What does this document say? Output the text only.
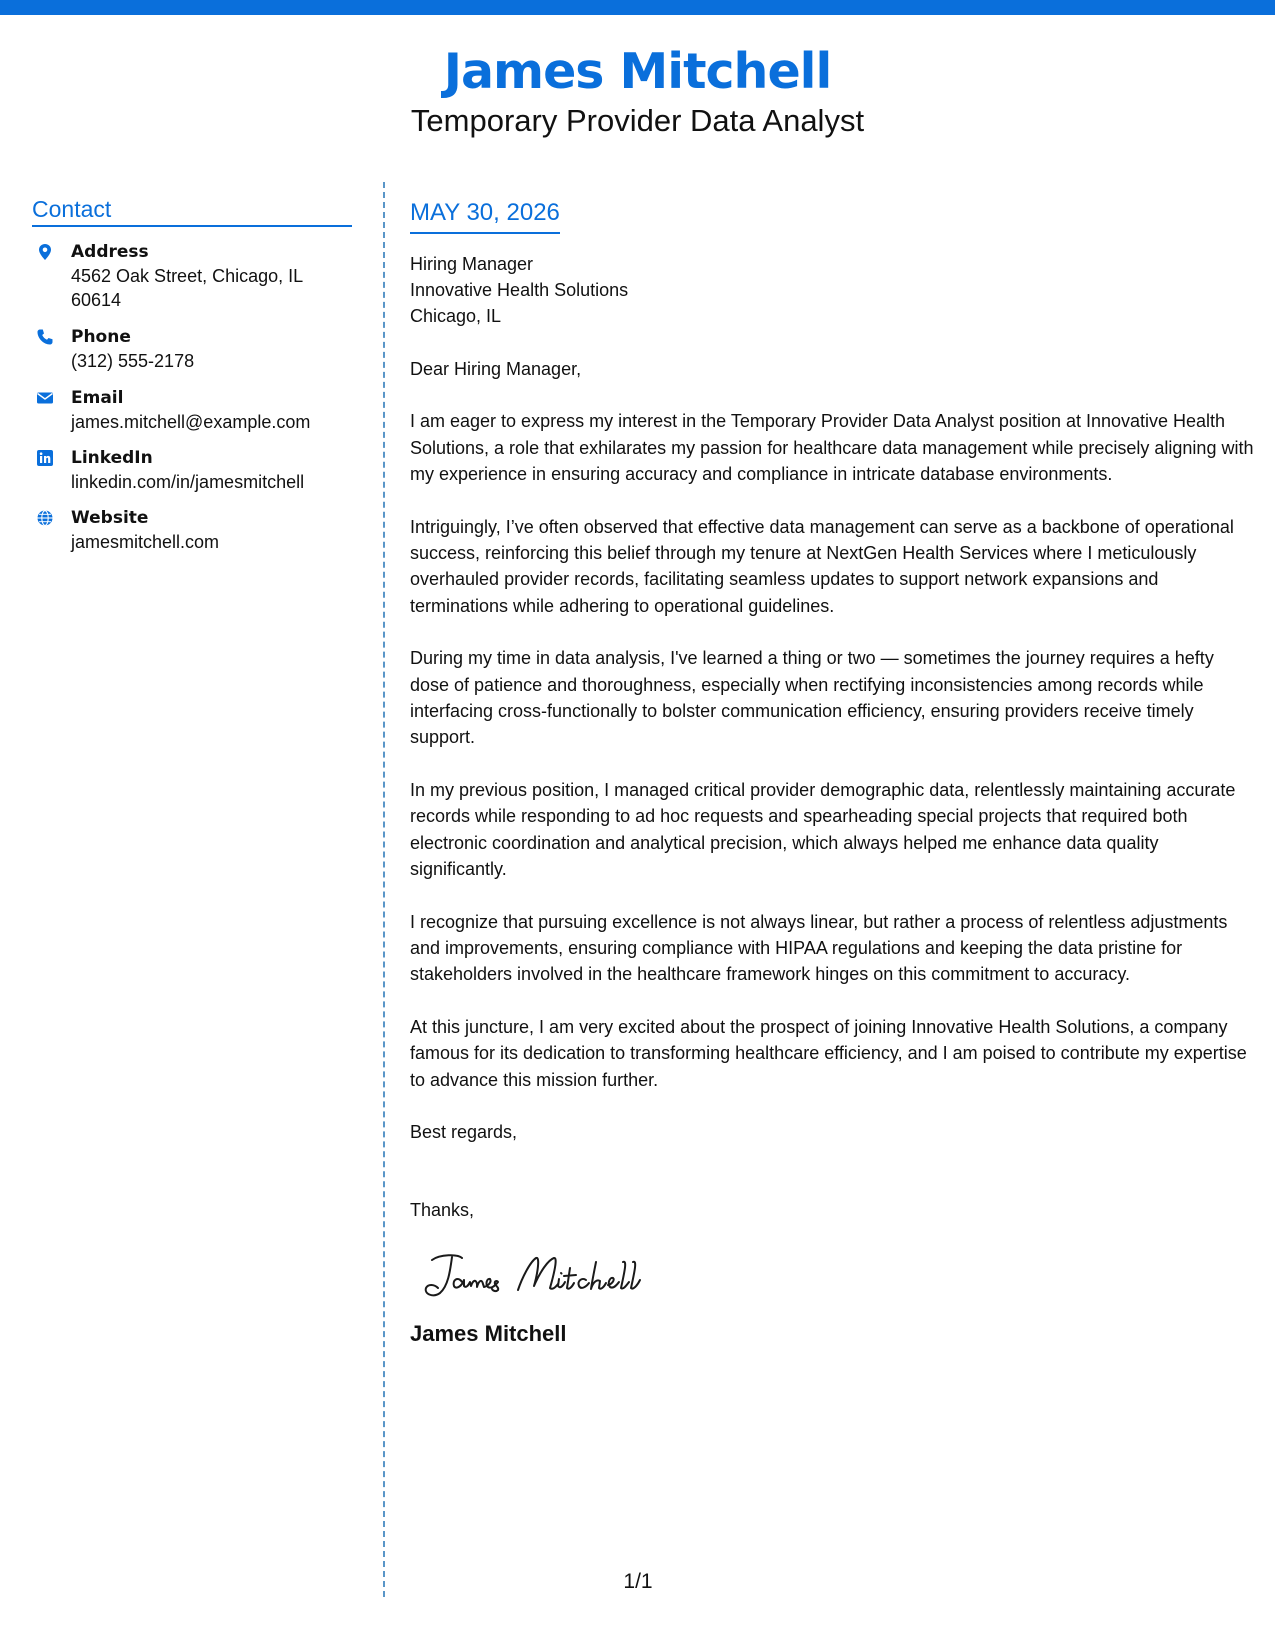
James Mitchell
Temporary Provider Data Analyst
Contact
Address
4562 Oak Street, Chicago, IL 60614
Phone
(312) 555-2178
Email
james.mitchell@example.com
LinkedIn
linkedin.com/in/jamesmitchell
Website
jamesmitchell.com
MAY 30, 2026
Hiring Manager
Innovative Health Solutions
Chicago, IL
Dear Hiring Manager,
I am eager to express my interest in the Temporary Provider Data Analyst position at Innovative Health Solutions, a role that exhilarates my passion for healthcare data management while precisely aligning with my experience in ensuring accuracy and compliance in intricate database environments.
Intriguingly, I’ve often observed that effective data management can serve as a backbone of operational success, reinforcing this belief through my tenure at NextGen Health Services where I meticulously overhauled provider records, facilitating seamless updates to support network expansions and terminations while adhering to operational guidelines.
During my time in data analysis, I've learned a thing or two — sometimes the journey requires a hefty dose of patience and thoroughness, especially when rectifying inconsistencies among records while interfacing cross-functionally to bolster communication efficiency, ensuring providers receive timely support.
In my previous position, I managed critical provider demographic data, relentlessly maintaining accurate records while responding to ad hoc requests and spearheading special projects that required both electronic coordination and analytical precision, which always helped me enhance data quality significantly.
I recognize that pursuing excellence is not always linear, but rather a process of relentless adjustments and improvements, ensuring compliance with HIPAA regulations and keeping the data pristine for stakeholders involved in the healthcare framework hinges on this commitment to accuracy.
At this juncture, I am very excited about the prospect of joining Innovative Health Solutions, a company famous for its dedication to transforming healthcare efficiency, and I am poised to contribute my expertise to advance this mission further.
Best regards,
Thanks,
James Mitchell
1/1
